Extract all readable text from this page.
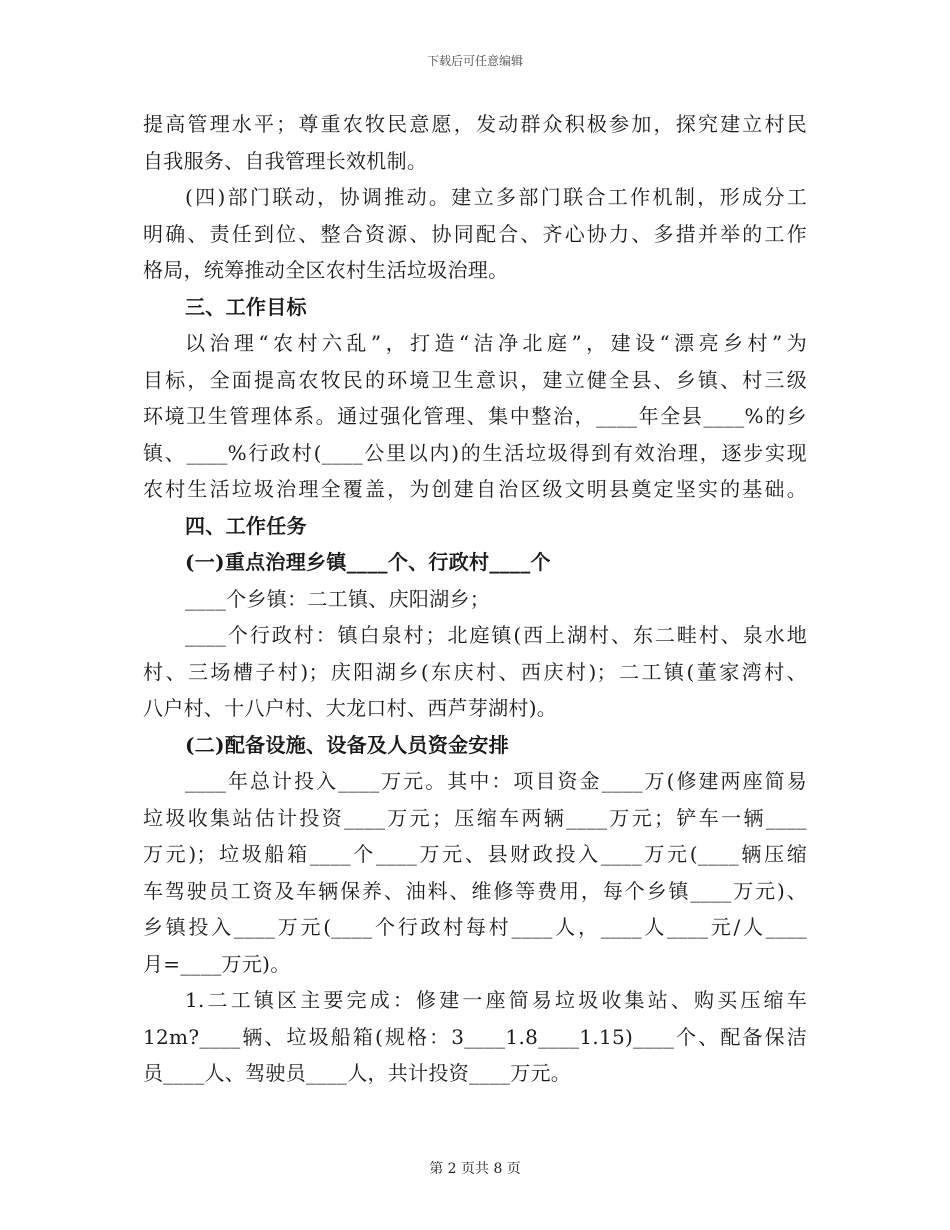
下载后可任意编辑
提高管理水平；尊重农牧民意愿，发动群众积极参加，探究建立村民
自我服务、自我管理长效机制。
(四)部门联动，协调推动。建立多部门联合工作机制，形成分工
明确、责任到位、整合资源、协同配合、齐心协力、多措并举的工作
格局，统筹推动全区农村生活垃圾治理。
三、工作目标
以治理“农村六乱”，打造“洁净北庭”，建设“漂亮乡村”为
目标，全面提高农牧民的环境卫生意识，建立健全县、乡镇、村三级
环境卫生管理体系。通过强化管理、集中整治，____年全县____%的乡
镇、____%行政村(____公里以内)的生活垃圾得到有效治理，逐步实现
农村生活垃圾治理全覆盖，为创建自治区级文明县奠定坚实的基础。
四、工作任务
(一)重点治理乡镇____个、行政村____个
____个乡镇：二工镇、庆阳湖乡；
____个行政村：镇白泉村；北庭镇(西上湖村、东二畦村、泉水地
村、三场槽子村)；庆阳湖乡(东庆村、西庆村)；二工镇(董家湾村、
八户村、十八户村、大龙口村、西芦芽湖村)。
(二)配备设施、设备及人员资金安排
____年总计投入____万元。其中：项目资金____万(修建两座简易
垃圾收集站估计投资____万元；压缩车两辆____万元；铲车一辆____
万元)；垃圾船箱____个____万元、县财政投入____万元(____辆压缩
车驾驶员工资及车辆保养、油料、维修等费用，每个乡镇____万元)、
乡镇投入____万元(____个行政村每村____人，____人____元/人____
月=____万元)。
1.二工镇区主要完成：修建一座简易垃圾收集站、购买压缩车
12m?____辆、垃圾船箱(规格：3____1.8____1.15)____个、配备保洁
员____人、驾驶员____人，共计投资____万元。
第 2 页共 8 页
